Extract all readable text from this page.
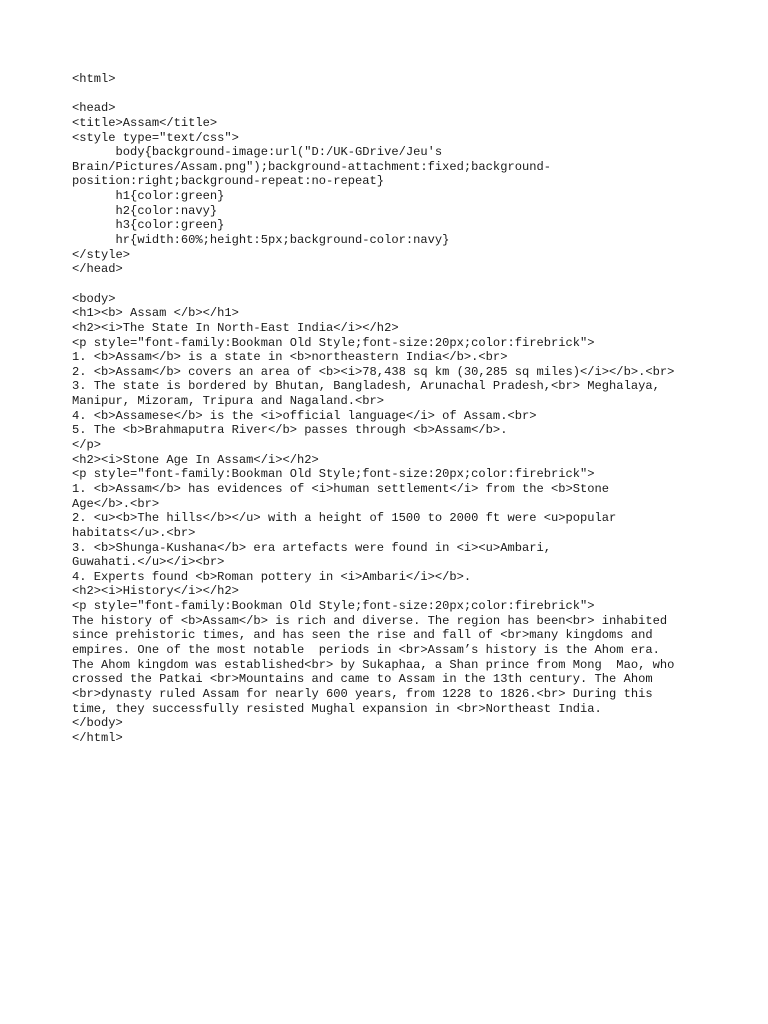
<html>
<head>
<title>Assam</title>
<style type="text/css">
body{background-image:url("D:/UK-GDrive/Jeu's
Brain/Pictures/Assam.png");background-attachment:fixed;background-
position:right;background-repeat:no-repeat}
h1{color:green}
h2{color:navy}
h3{color:green}
hr{width:60%;height:5px;background-color:navy}
</style>
</head>
<body>
<h1><b> Assam </b></h1>
<h2><i>The State In North-East India</i></h2>
<p style="font-family:Bookman Old Style;font-size:20px;color:firebrick">
1. <b>Assam</b> is a state in <b>northeastern India</b>.<br>
2. <b>Assam</b> covers an area of <b><i>78,438 sq km (30,285 sq miles)</i></b>.<br>
3. The state is bordered by Bhutan, Bangladesh, Arunachal Pradesh,<br> Meghalaya,
Manipur, Mizoram, Tripura and Nagaland.<br>
4. <b>Assamese</b> is the <i>official language</i> of Assam.<br>
5. The <b>Brahmaputra River</b> passes through <b>Assam</b>.
</p>
<h2><i>Stone Age In Assam</i></h2>
<p style="font-family:Bookman Old Style;font-size:20px;color:firebrick">
1. <b>Assam</b> has evidences of <i>human settlement</i> from the <b>Stone
Age</b>.<br>
2. <u><b>The hills</b></u> with a height of 1500 to 2000 ft were <u>popular
habitats</u>.<br>
3. <b>Shunga-Kushana</b> era artefacts were found in <i><u>Ambari,
Guwahati.</u></i><br>
4. Experts found <b>Roman pottery in <i>Ambari</i></b>.
<h2><i>History</i></h2>
<p style="font-family:Bookman Old Style;font-size:20px;color:firebrick">
The history of <b>Assam</b> is rich and diverse. The region has been<br> inhabited
since prehistoric times, and has seen the rise and fall of <br>many kingdoms and
empires. One of the most notable  periods in <br>Assam’s history is the Ahom era.
The Ahom kingdom was established<br> by Sukaphaa, a Shan prince from Mong  Mao, who
crossed the Patkai <br>Mountains and came to Assam in the 13th century. The Ahom
<br>dynasty ruled Assam for nearly 600 years, from 1228 to 1826.<br> During this
time, they successfully resisted Mughal expansion in <br>Northeast India.
</body>
</html>
